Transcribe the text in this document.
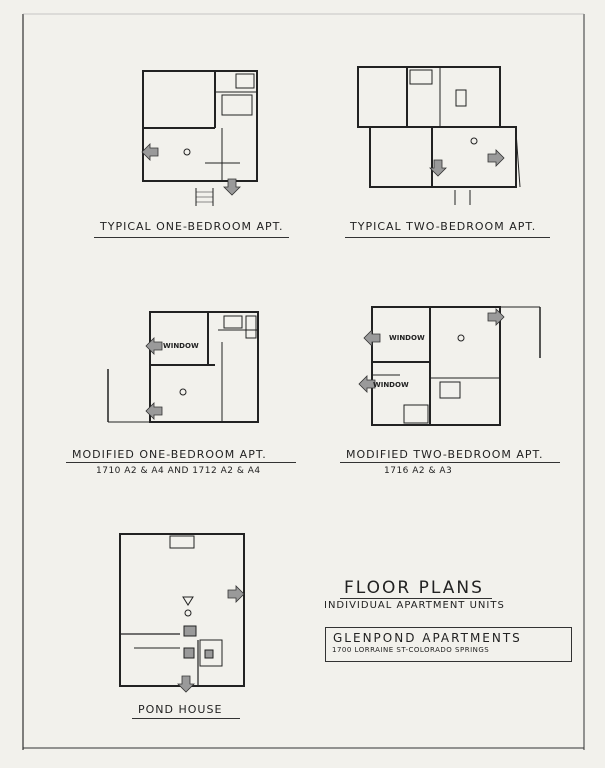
TYPICAL ONE-BEDROOM APT.	TYPICAL TWO-BEDROOM APT.
WINDOW
MODIFIED ONE-BEDROOM APT.
1710 A2 & A4 AND 1712 A2 & A4
WINDOW
WINDOW
MODIFIED TWO-BEDROOM APT.
1716 A2 & A3
POND HOUSE
FLOOR PLANS
INDIVIDUAL APARTMENT UNITS
GLENPOND APARTMENTS
1700 LORRAINE ST-COLORADO SPRINGS
